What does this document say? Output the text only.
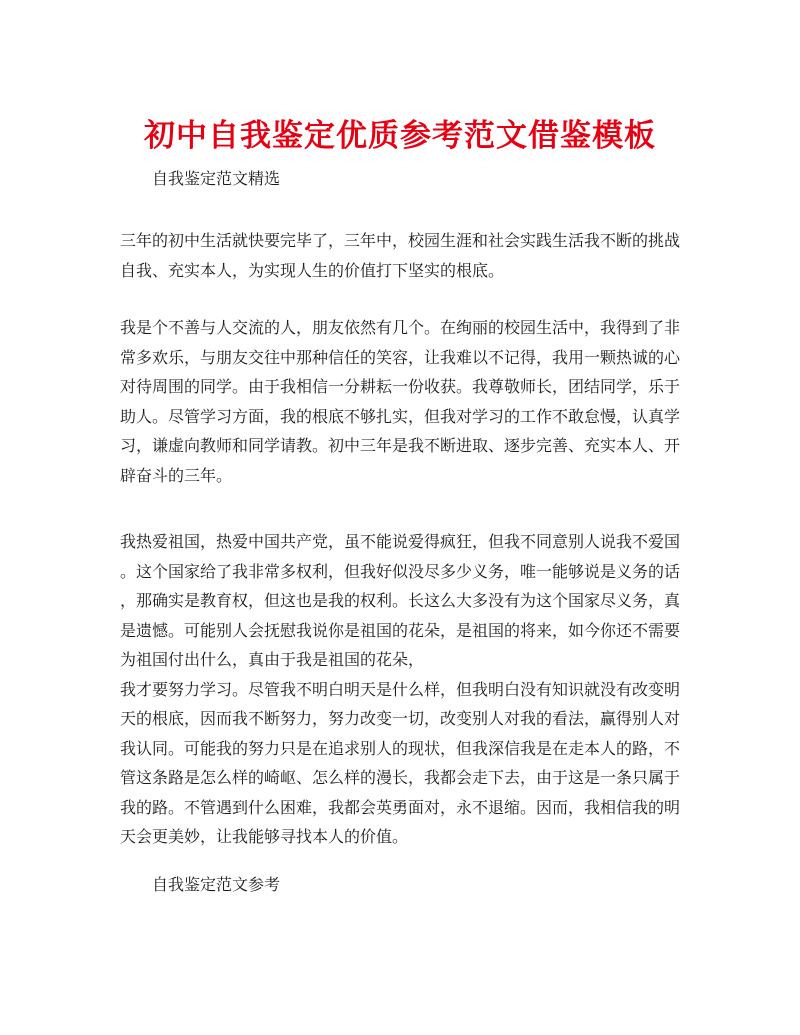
初中自我鉴定优质参考范文借鉴模板
自我鉴定范文精选
三年的初中生活就快要完毕了，三年中，校园生涯和社会实践生活我不断的挑战
自我、充实本人，为实现人生的价值打下坚实的根底。
我是个不善与人交流的人，朋友依然有几个。在绚丽的校园生活中，我得到了非
常多欢乐，与朋友交往中那种信任的笑容，让我难以不记得，我用一颗热诚的心
对待周围的同学。由于我相信一分耕耘一份收获。我尊敬师长，团结同学，乐于
助人。尽管学习方面，我的根底不够扎实，但我对学习的工作不敢怠慢，认真学
习，谦虚向教师和同学请教。初中三年是我不断进取、逐步完善、充实本人、开
辟奋斗的三年。
我热爱祖国，热爱中国共产党，虽不能说爱得疯狂，但我不同意别人说我不爱国
。这个国家给了我非常多权利，但我好似没尽多少义务，唯一能够说是义务的话
，那确实是教育权，但这也是我的权利。长这么大多没有为这个国家尽义务，真
是遗憾。可能别人会抚慰我说你是祖国的花朵，是祖国的将来，如今你还不需要
为祖国付出什么，真由于我是祖国的花朵，
我才要努力学习。尽管我不明白明天是什么样，但我明白没有知识就没有改变明
天的根底，因而我不断努力，努力改变一切，改变别人对我的看法，赢得别人对
我认同。可能我的努力只是在追求别人的现状，但我深信我是在走本人的路，不
管这条路是怎么样的崎岖、怎么样的漫长，我都会走下去，由于这是一条只属于
我的路。不管遇到什么困难，我都会英勇面对，永不退缩。因而，我相信我的明
天会更美妙，让我能够寻找本人的价值。
自我鉴定范文参考
